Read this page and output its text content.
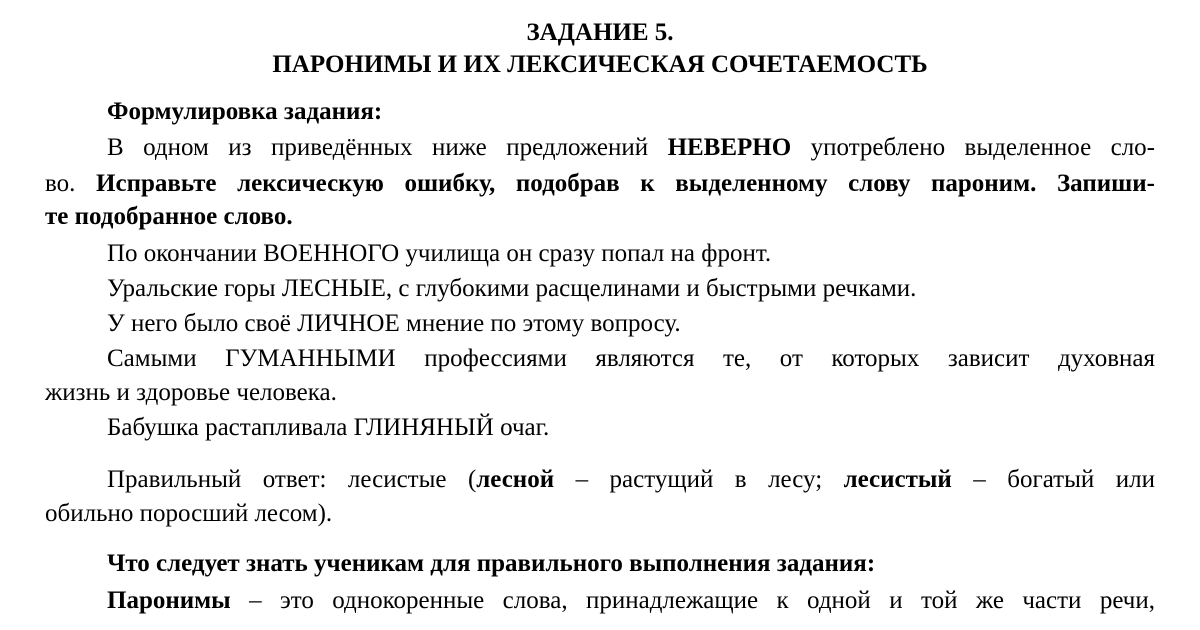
ЗАДАНИЕ 5.
ПАРОНИМЫ И ИХ ЛЕКСИЧЕСКАЯ СОЧЕТАЕМОСТЬ
Формулировка задания:
В одном из приведённых ниже предложений НЕВЕРНО употреблено выделенное сло-
во. Исправьте лексическую ошибку, подобрав к выделенному слову пароним. Запиши-
те подобранное слово.
По окончании ВОЕННОГО училища он сразу попал на фронт.
Уральские горы ЛЕСНЫЕ, с глубокими расщелинами и быстрыми речками.
У него было своё ЛИЧНОЕ мнение по этому вопросу.
Самыми ГУМАННЫМИ профессиями являются те, от которых зависит духовная
жизнь и здоровье человека.
Бабушка растапливала ГЛИНЯНЫЙ очаг.
Правильный ответ: лесистые (лесной – растущий в лесу; лесистый – богатый или
обильно поросший лесом).
Что следует знать ученикам для правильного выполнения задания:
Паронимы – это однокоренные слова, принадлежащие к одной и той же части речи,
